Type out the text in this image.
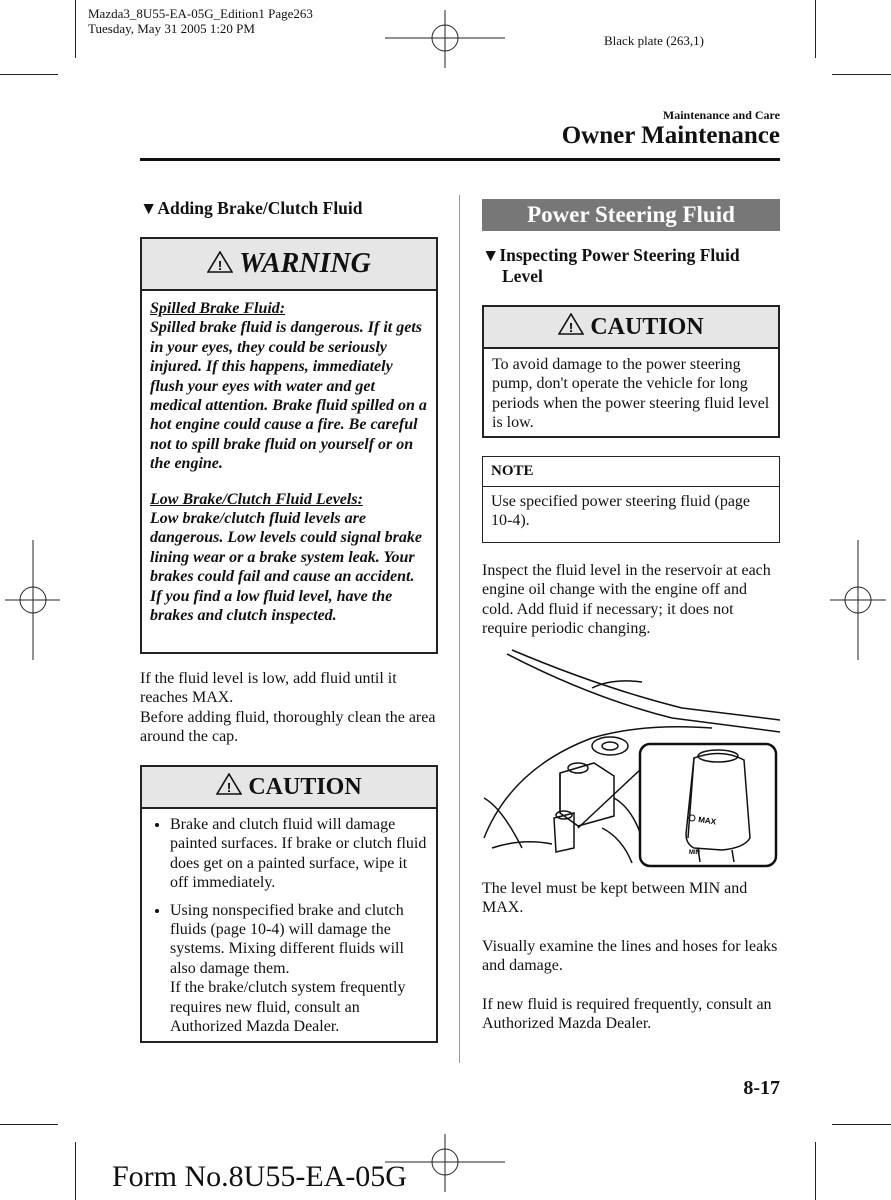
Mazda3_8U55-EA-05G_Edition1 Page263
Tuesday, May 31 2005 1:20 PM
Black plate (263,1)
Maintenance and Care
Owner Maintenance
▼Adding Brake/Clutch Fluid
! WARNING

Spilled Brake Fluid:
Spilled brake fluid is dangerous. If it gets in your eyes, they could be seriously injured. If this happens, immediately flush your eyes with water and get medical attention. Brake fluid spilled on a hot engine could cause a fire. Be careful not to spill brake fluid on yourself or on the engine.

Low Brake/Clutch Fluid Levels:
Low brake/clutch fluid levels are dangerous. Low levels could signal brake lining wear or a brake system leak. Your brakes could fail and cause an accident. If you find a low fluid level, have the brakes and clutch inspected.

If the fluid level is low, add fluid until it reaches MAX.
Before adding fluid, thoroughly clean the area around the cap.
! CAUTION
• Brake and clutch fluid will damage painted surfaces. If brake or clutch fluid does get on a painted surface, wipe it off immediately.
• Using nonspecified brake and clutch fluids (page 10-4) will damage the systems. Mixing different fluids will also damage them.
If the brake/clutch system frequently requires new fluid, consult an Authorized Mazda Dealer.
Power Steering Fluid
▼Inspecting Power Steering Fluid
Level
! CAUTION
To avoid damage to the power steering pump, don't operate the vehicle for long periods when the power steering fluid level is low.
NOTE
Use specified power steering fluid (page 10-4).
Inspect the fluid level in the reservoir at each engine oil change with the engine off and cold. Add fluid if necessary; it does not require periodic changing.
MAX
MIN
The level must be kept between MIN and MAX.
Visually examine the lines and hoses for leaks and damage.
If new fluid is required frequently, consult an Authorized Mazda Dealer.
8-17
Form No.8U55-EA-05G
